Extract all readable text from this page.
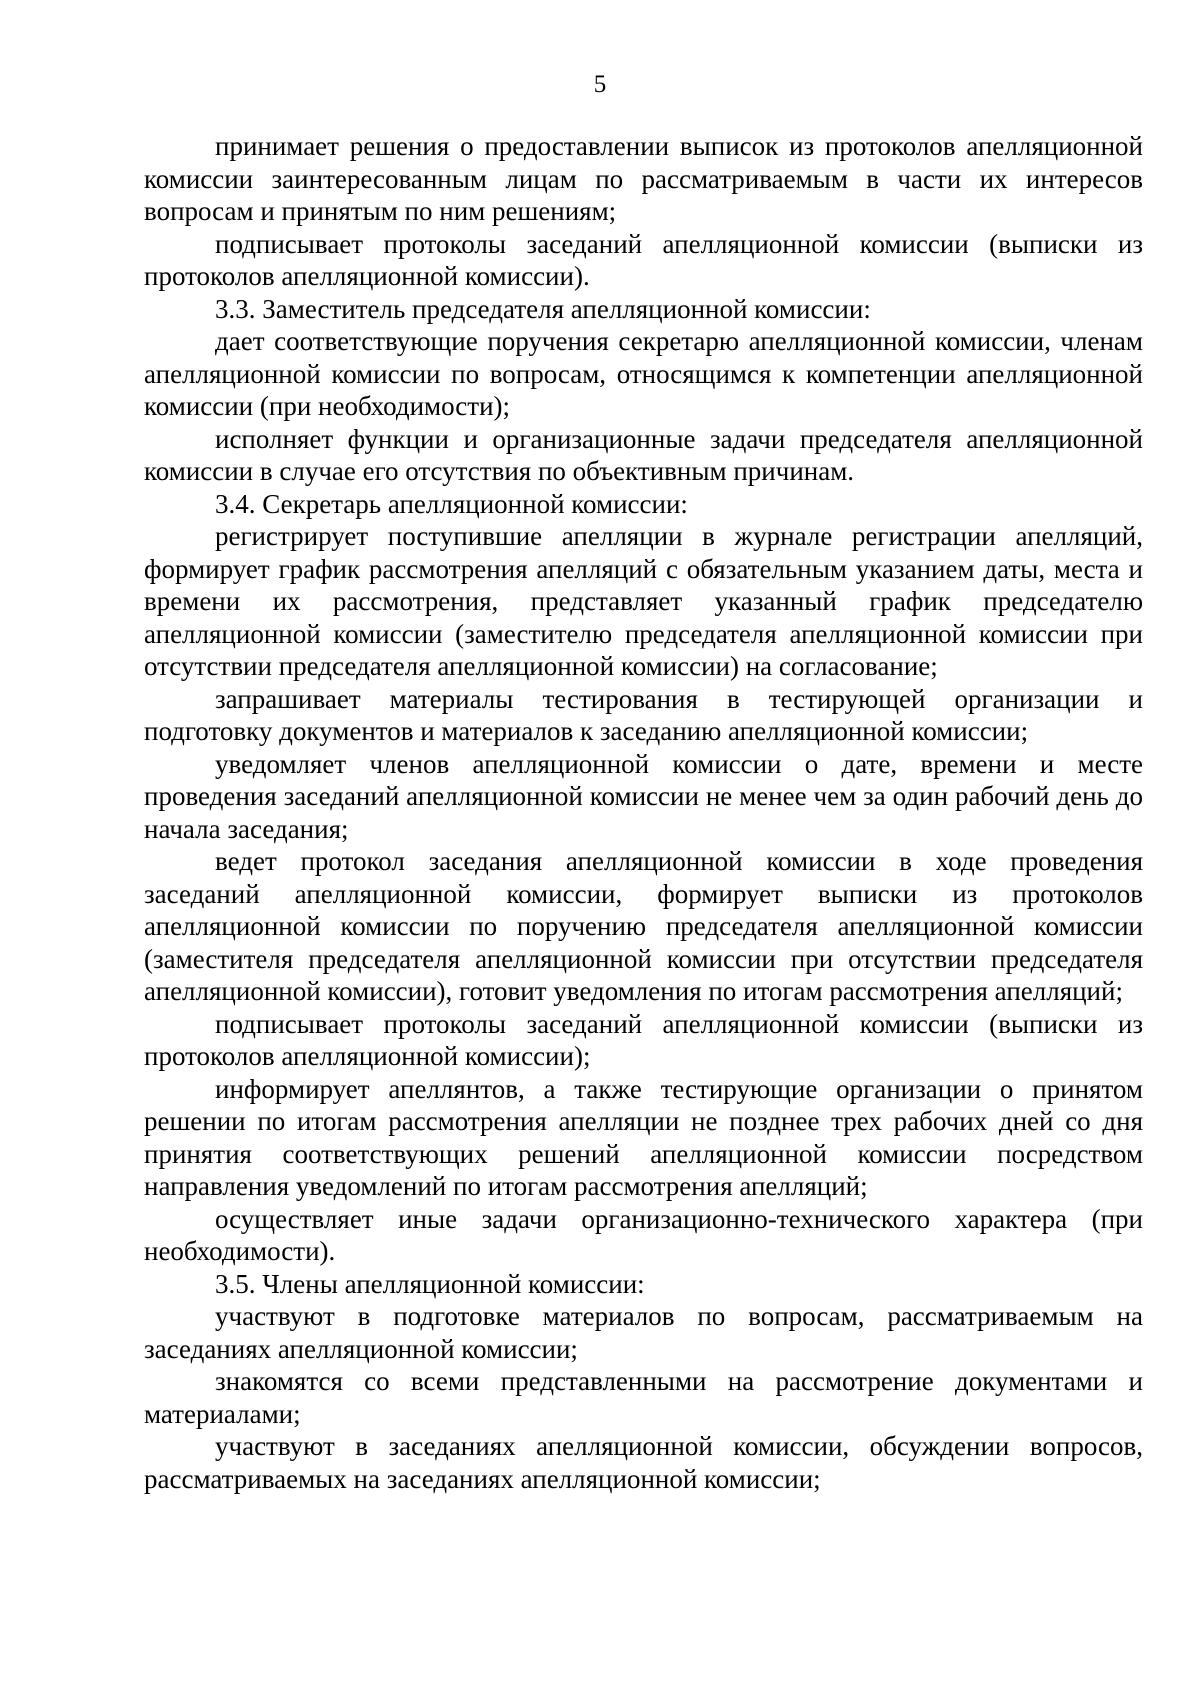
5

принимает решения о предоставлении выписок из протоколов апелляционной комиссии заинтересованным лицам по рассматриваемым в части их интересов вопросам и принятым по ним решениям;

подписывает протоколы заседаний апелляционной комиссии (выписки из протоколов апелляционной комиссии).

3.3. Заместитель председателя апелляционной комиссии:

дает соответствующие поручения секретарю апелляционной комиссии, членам апелляционной комиссии по вопросам, относящимся к компетенции апелляционной комиссии (при необходимости);

исполняет функции и организационные задачи председателя апелляционной комиссии в случае его отсутствия по объективным причинам.

3.4. Секретарь апелляционной комиссии:

регистрирует поступившие апелляции в журнале регистрации апелляций, формирует график рассмотрения апелляций с обязательным указанием даты, места и времени их рассмотрения, представляет указанный график председателю апелляционной комиссии (заместителю председателя апелляционной комиссии при отсутствии председателя апелляционной комиссии) на согласование;

запрашивает материалы тестирования в тестирующей организации и подготовку документов и материалов к заседанию апелляционной комиссии;

уведомляет членов апелляционной комиссии о дате, времени и месте проведения заседаний апелляционной комиссии не менее чем за один рабочий день до начала заседания;

ведет протокол заседания апелляционной комиссии в ходе проведения заседаний апелляционной комиссии, формирует выписки из протоколов апелляционной комиссии по поручению председателя апелляционной комиссии (заместителя председателя апелляционной комиссии при отсутствии председателя апелляционной комиссии), готовит уведомления по итогам рассмотрения апелляций;

подписывает протоколы заседаний апелляционной комиссии (выписки из протоколов апелляционной комиссии);

информирует апеллянтов, а также тестирующие организации о принятом решении по итогам рассмотрения апелляции не позднее трех рабочих дней со дня принятия соответствующих решений апелляционной комиссии посредством направления уведомлений по итогам рассмотрения апелляций;

осуществляет иные задачи организационно-технического характера (при необходимости).

3.5. Члены апелляционной комиссии:

участвуют в подготовке материалов по вопросам, рассматриваемым на заседаниях апелляционной комиссии;

знакомятся со всеми представленными на рассмотрение документами и материалами;

участвуют в заседаниях апелляционной комиссии, обсуждении вопросов, рассматриваемых на заседаниях апелляционной комиссии;
